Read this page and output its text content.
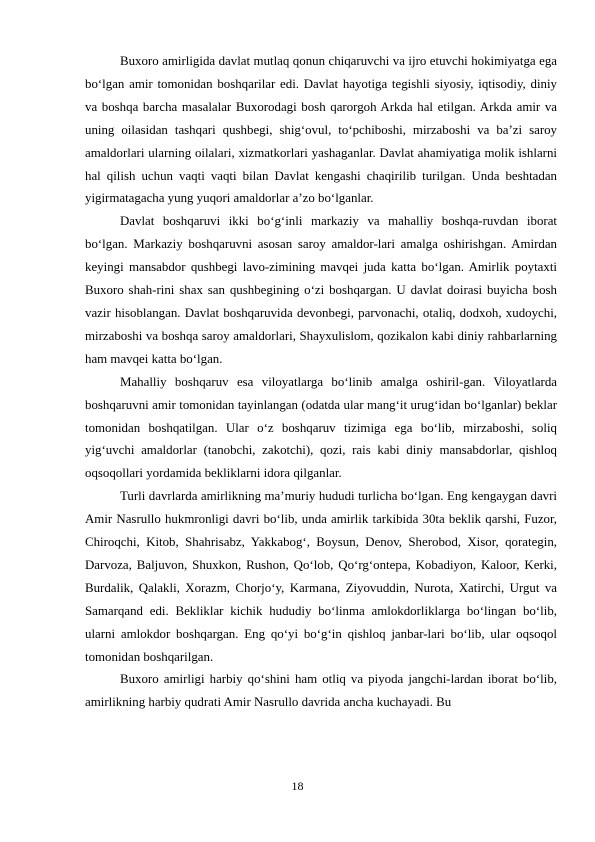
Buxoro amirligida davlat mutlaq qonun chiqaruvchi va ijro etuvchi hokimiyatga ega bo‘lgan amir tomonidan boshqarilar edi. Davlat hayotiga tegishli siyosiy, iqtisodiy, diniy va boshqa barcha masalalar Buxorodagi bosh qarorgoh Arkda hal etilgan. Arkda amir va uning oilasidan tashqari qushbegi, shig‘ovul, to‘pchiboshi, mirzaboshi va ba’zi saroy amaldorlari ularning oilalari, xizmatkorlari yashaganlar. Davlat ahamiyatiga molik ishlarni hal qilish uchun vaqti vaqti bilan Davlat kengashi chaqirilib turilgan. Unda beshtadan yigirmatagacha yung yuqori amaldorlar a’zo bo‘lganlar.

Davlat boshqaruvi ikki bo‘g‘inli markaziy va mahalliy boshqa-ruvdan iborat bo‘lgan. Markaziy boshqaruvni asosan saroy amaldor-lari amalga oshirishgan. Amirdan keyingi mansabdor qushbegi lavo-zimining mavqei juda katta bo‘lgan. Amirlik poytaxti Buxoro shah-rini shax san qushbegining o‘zi boshqargan. U davlat doirasi buyicha bosh vazir hisoblangan. Davlat boshqaruvida devonbegi, parvonachi, otaliq, dodxoh, xudoychi, mirzaboshi va boshqa saroy amaldorlari, Shayxulislom, qozikalon kabi diniy rahbarlarning ham mavqei katta bo‘lgan.

Mahalliy boshqaruv esa viloyatlarga bo‘linib amalga oshiril-gan. Viloyatlarda boshqaruvni amir tomonidan tayinlangan (odatda ular mang‘it urug‘idan bo‘lganlar) beklar tomonidan boshqatilgan. Ular o‘z boshqaruv tizimiga ega bo‘lib, mirzaboshi, soliq yig‘uvchi amaldorlar (tanobchi, zakotchi), qozi, rais kabi diniy mansabdorlar, qishloq oqsoqollari yordamida bekliklarni idora qilganlar.

Turli davrlarda amirlikning ma’muriy hududi turlicha bo‘lgan. Eng kengaygan davri Amir Nasrullo hukmronligi davri bo‘lib, unda amirlik tarkibida 30ta beklik qarshi, Fuzor, Chiroqchi, Kitob, Shahrisabz, Yakkabog‘, Boysun, Denov, Sherobod, Xisor, qorategin, Darvoza, Baljuvon, Shuxkon, Rushon, Qo‘lob, Qo‘rg‘ontepa, Kobadiyon, Kaloor, Kerki, Burdalik, Qalakli, Xorazm, Chorjo‘y, Karmana, Ziyovuddin, Nurota, Xatirchi, Urgut va Samarqand edi. Bekliklar kichik hududiy bo‘linma amlokdorliklarga bo‘lingan bo‘lib, ularni amlokdor boshqargan. Eng qo‘yi bo‘g‘in qishloq janbar-lari bo‘lib, ular oqsoqol tomonidan boshqarilgan.

Buxoro amirligi harbiy qo‘shini ham otliq va piyoda jangchi-lardan iborat bo‘lib, amirlikning harbiy qudrati Amir Nasrullo davrida ancha kuchayadi. Bu

18
